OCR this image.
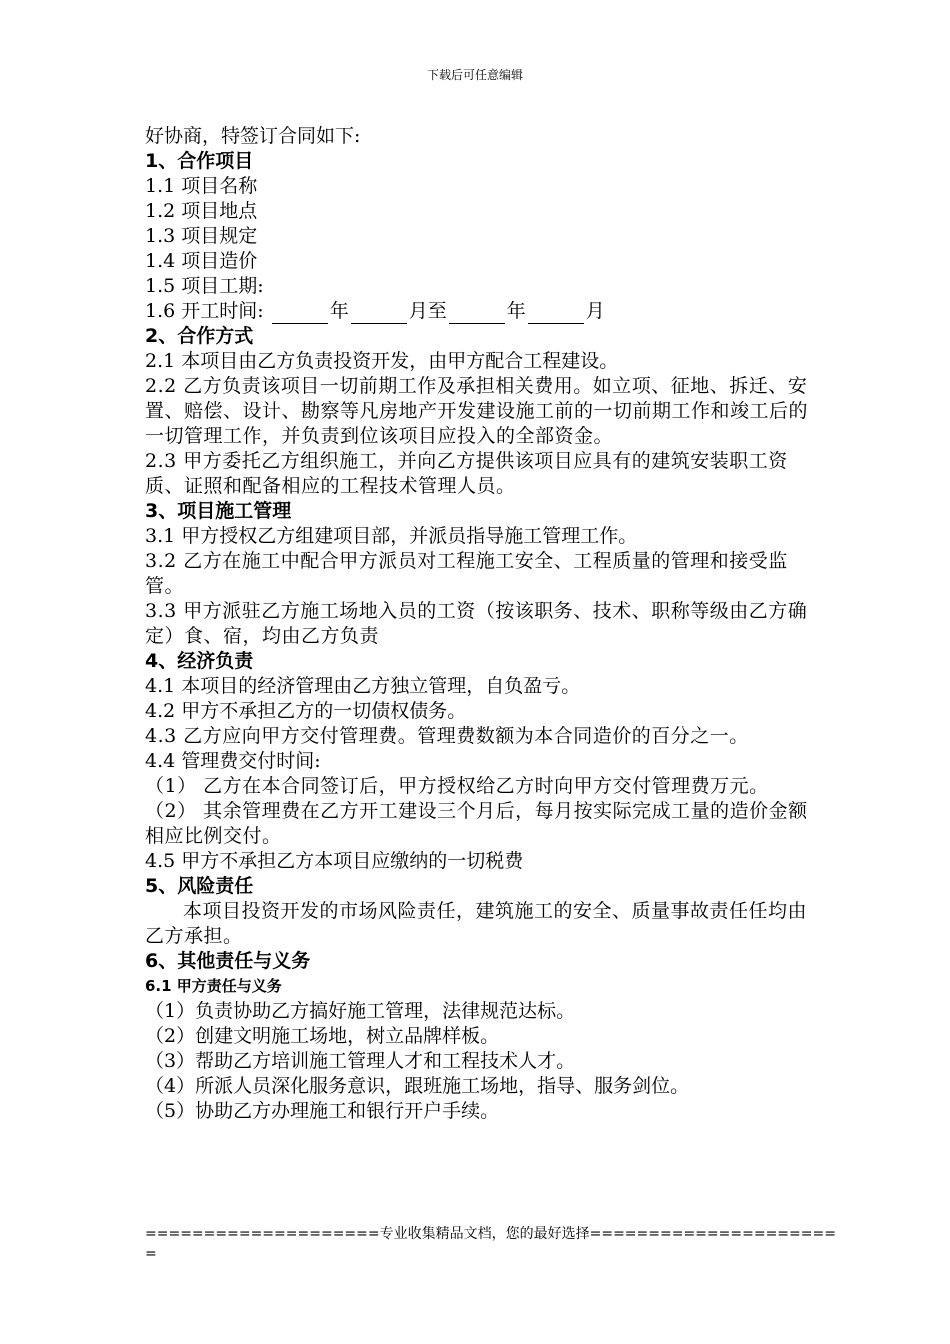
下载后可任意编辑
好协商，特签订合同如下:
1、合作项目
1.1 项目名称
1.2 项目地点
1.3 项目规定
1.4 项目造价
1.5 项目工期:
1.6 开工时间:	年	月至	年	月
2、合作方式
2.1 本项目由乙方负责投资开发，由甲方配合工程建设。
2.2 乙方负责该项目一切前期工作及承担相关费用。如立项、征地、拆迁、安置、赔偿、设计、勘察等凡房地产开发建设施工前的一切前期工作和竣工后的一切管理工作，并负责到位该项目应投入的全部资金。
2.3 甲方委托乙方组织施工，并向乙方提供该项目应具有的建筑安装职工资质、证照和配备相应的工程技术管理人员。
3、项目施工管理
3.1 甲方授权乙方组建项目部，并派员指导施工管理工作。
3.2 乙方在施工中配合甲方派员对工程施工安全、工程质量的管理和接受监管。
3.3 甲方派驻乙方施工场地入员的工资（按该职务、技术、职称等级由乙方确定）食、宿，均由乙方负责
4、经济负责
4.1 本项目的经济管理由乙方独立管理，自负盈亏。
4.2 甲方不承担乙方的一切债权债务。
4.3 乙方应向甲方交付管理费。管理费数额为本合同造价的百分之一。
4.4 管理费交付时间:
（1） 乙方在本合同签订后，甲方授权给乙方时向甲方交付管理费万元。
（2） 其余管理费在乙方开工建设三个月后，每月按实际完成工量的造价金额相应比例交付。
4.5 甲方不承担乙方本项目应缴纳的一切税费
5、风险责任
本项目投资开发的市场风险责任，建筑施工的安全、质量事故责任任均由乙方承担。
6、其他责任与义务
6.1 甲方责任与义务
（1）负责协助乙方搞好施工管理，法律规范达标。
（2）创建文明施工场地，树立品牌样板。
（3）帮助乙方培训施工管理人才和工程技术人才。
（4）所派人员深化服务意识，跟班施工场地，指导、服务剑位。
（5）协助乙方办理施工和银行开户手续。
====================专业收集精品文档，您的最好选择=====================
=
